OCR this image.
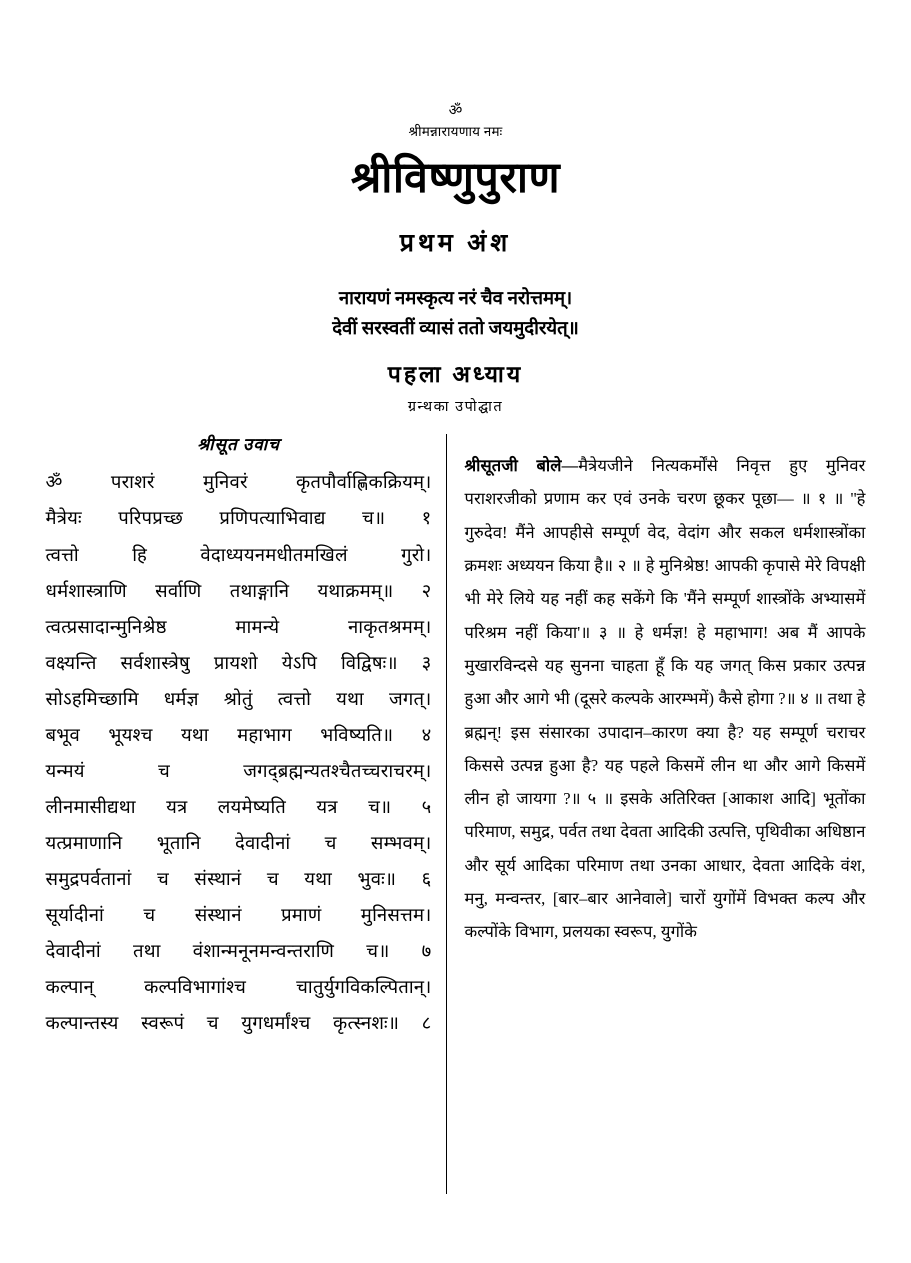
ॐ
श्रीमन्नारायणाय नमः
श्रीविष्णुपुराण
प्रथम अंश
नारायणं नमस्कृत्य नरं चैव नरोत्तमम्‌।
देवीं सरस्वतीं व्यासं ततो जयमुदीरयेत्‌॥
पहला अध्याय
ग्रन्थका उपोद्घात
श्रीसूत उवाच
ॐ पराशरं मुनिवरं कृतपौर्वाह्णिकक्रियम्‌।
मैत्रेयः परिपप्रच्छ प्रणिपत्याभिवाद्य च॥ १
त्वत्तो हि वेदाध्ययनमधीतमखिलं गुरो।
धर्मशास्त्राणि सर्वाणि तथाङ्गानि यथाक्रमम्‌॥ २
त्वत्प्रसादान्मुनिश्रेष्ठ मामन्ये नाकृतश्रमम्‌।
वक्ष्यन्ति सर्वशास्त्रेषु प्रायशो येऽपि विद्विषः॥ ३
सोऽहमिच्छामि धर्मज्ञ श्रोतुं त्वत्तो यथा जगत्‌।
बभूव भूयश्च यथा महाभाग भविष्यति॥ ४
यन्मयं च जगद्ब्रह्मन्यतश्चैतच्चराचरम्‌।
लीनमासीद्यथा यत्र लयमेष्यति यत्र च॥ ५
यत्प्रमाणानि भूतानि देवादीनां च सम्भवम्‌।
समुद्रपर्वतानां च संस्थानं च यथा भुवः॥ ६
सूर्यादीनां च संस्थानं प्रमाणं मुनिसत्तम।
देवादीनां तथा वंशान्मनूनमन्वन्तराणि च॥ ७
कल्पान्‌ कल्पविभागांश्च चातुर्युगविकल्पितान्‌।
कल्पान्तस्य स्वरूपं च युगधर्मांश्च कृत्स्नशः॥ ८

श्रीसूतजी बोले—मैत्रेयजीने नित्यकर्मोंसे निवृत्त हुए मुनिवर पराशरजीको प्रणाम कर एवं उनके चरण छूकर पूछा— ॥ १ ॥ ''हे गुरुदेव! मैंने आपहीसे सम्पूर्ण वेद, वेदांग और सकल धर्मशास्त्रोंका क्रमशः अध्ययन किया है॥ २ ॥ हे मुनिश्रेष्ठ! आपकी कृपासे मेरे विपक्षी भी मेरे लिये यह नहीं कह सकेंगे कि 'मैंने सम्पूर्ण शास्त्रोंके अभ्यासमें परिश्रम नहीं किया'॥ ३ ॥ हे धर्मज्ञ! हे महाभाग! अब मैं आपके मुखारविन्दसे यह सुनना चाहता हूँ कि यह जगत्‌ किस प्रकार उत्पन्न हुआ और आगे भी (दूसरे कल्पके आरम्भमें) कैसे होगा ?॥ ४ ॥ तथा हे ब्रह्मन्‌! इस संसारका उपादान–कारण क्या है? यह सम्पूर्ण चराचर किससे उत्पन्न हुआ है? यह पहले किसमें लीन था और आगे किसमें लीन हो जायगा ?॥ ५ ॥ इसके अतिरिक्त [आकाश आदि] भूतोंका परिमाण, समुद्र, पर्वत तथा देवता आदिकी उत्पत्ति, पृथिवीका अधिष्ठान और सूर्य आदिका परिमाण तथा उनका आधार, देवता आदिके वंश, मनु, मन्वन्तर, [बार–बार आनेवाले] चारों युगोंमें विभक्त कल्प और कल्पोंके विभाग, प्रलयका स्वरूप, युगोंके
